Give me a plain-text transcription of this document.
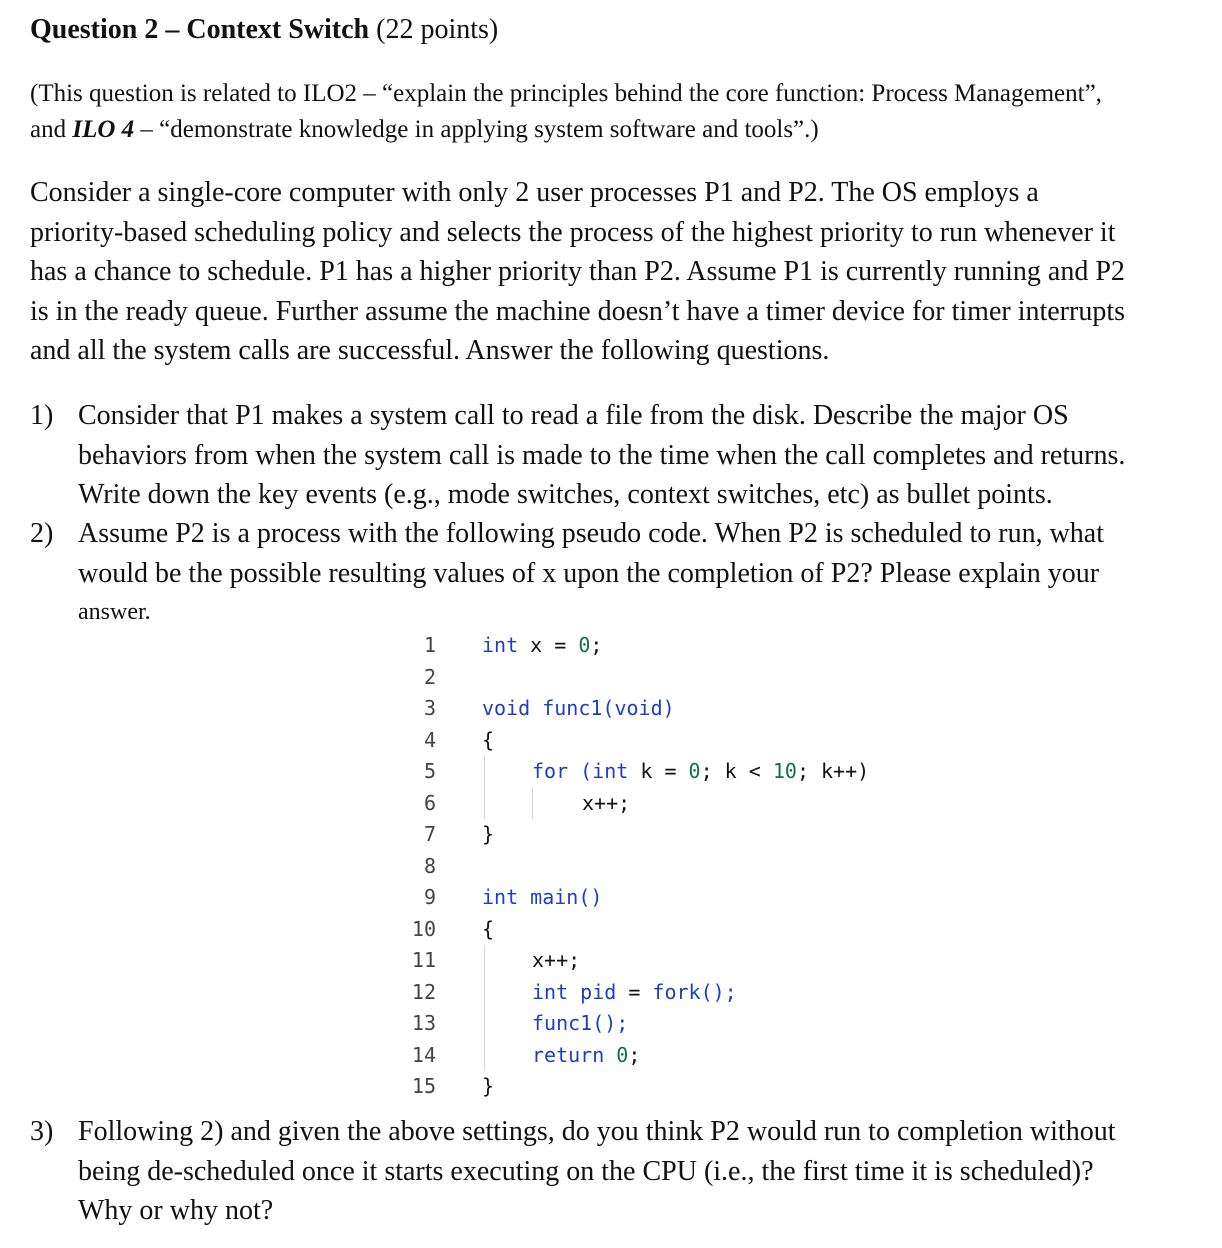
Question 2 – Context Switch (22 points)
(This question is related to ILO2 – “explain the principles behind the core function: Process Management”,
and ILO 4 – “demonstrate knowledge in applying system software and tools”.)
Consider a single-core computer with only 2 user processes P1 and P2. The OS employs a
priority-based scheduling policy and selects the process of the highest priority to run whenever it
has a chance to schedule. P1 has a higher priority than P2. Assume P1 is currently running and P2
is in the ready queue. Further assume the machine doesn’t have a timer device for timer interrupts
and all the system calls are successful. Answer the following questions.
1) Consider that P1 makes a system call to read a file from the disk. Describe the major OS
behaviors from when the system call is made to the time when the call completes and returns.
Write down the key events (e.g., mode switches, context switches, etc) as bullet points.
2) Assume P2 is a process with the following pseudo code. When P2 is scheduled to run, what
would be the possible resulting values of x upon the completion of P2? Please explain your
answer.
1
2
3
4
5
6
7
8
9
10
11
12
13
14
15
int x = 0;
void func1(void)
{
for (int k = 0; k < 10; k++)
x++;
}
int main()
{
x++;
int pid = fork();
func1();
return 0;
}
3) Following 2) and given the above settings, do you think P2 would run to completion without
being de-scheduled once it starts executing on the CPU (i.e., the first time it is scheduled)?
Why or why not?
